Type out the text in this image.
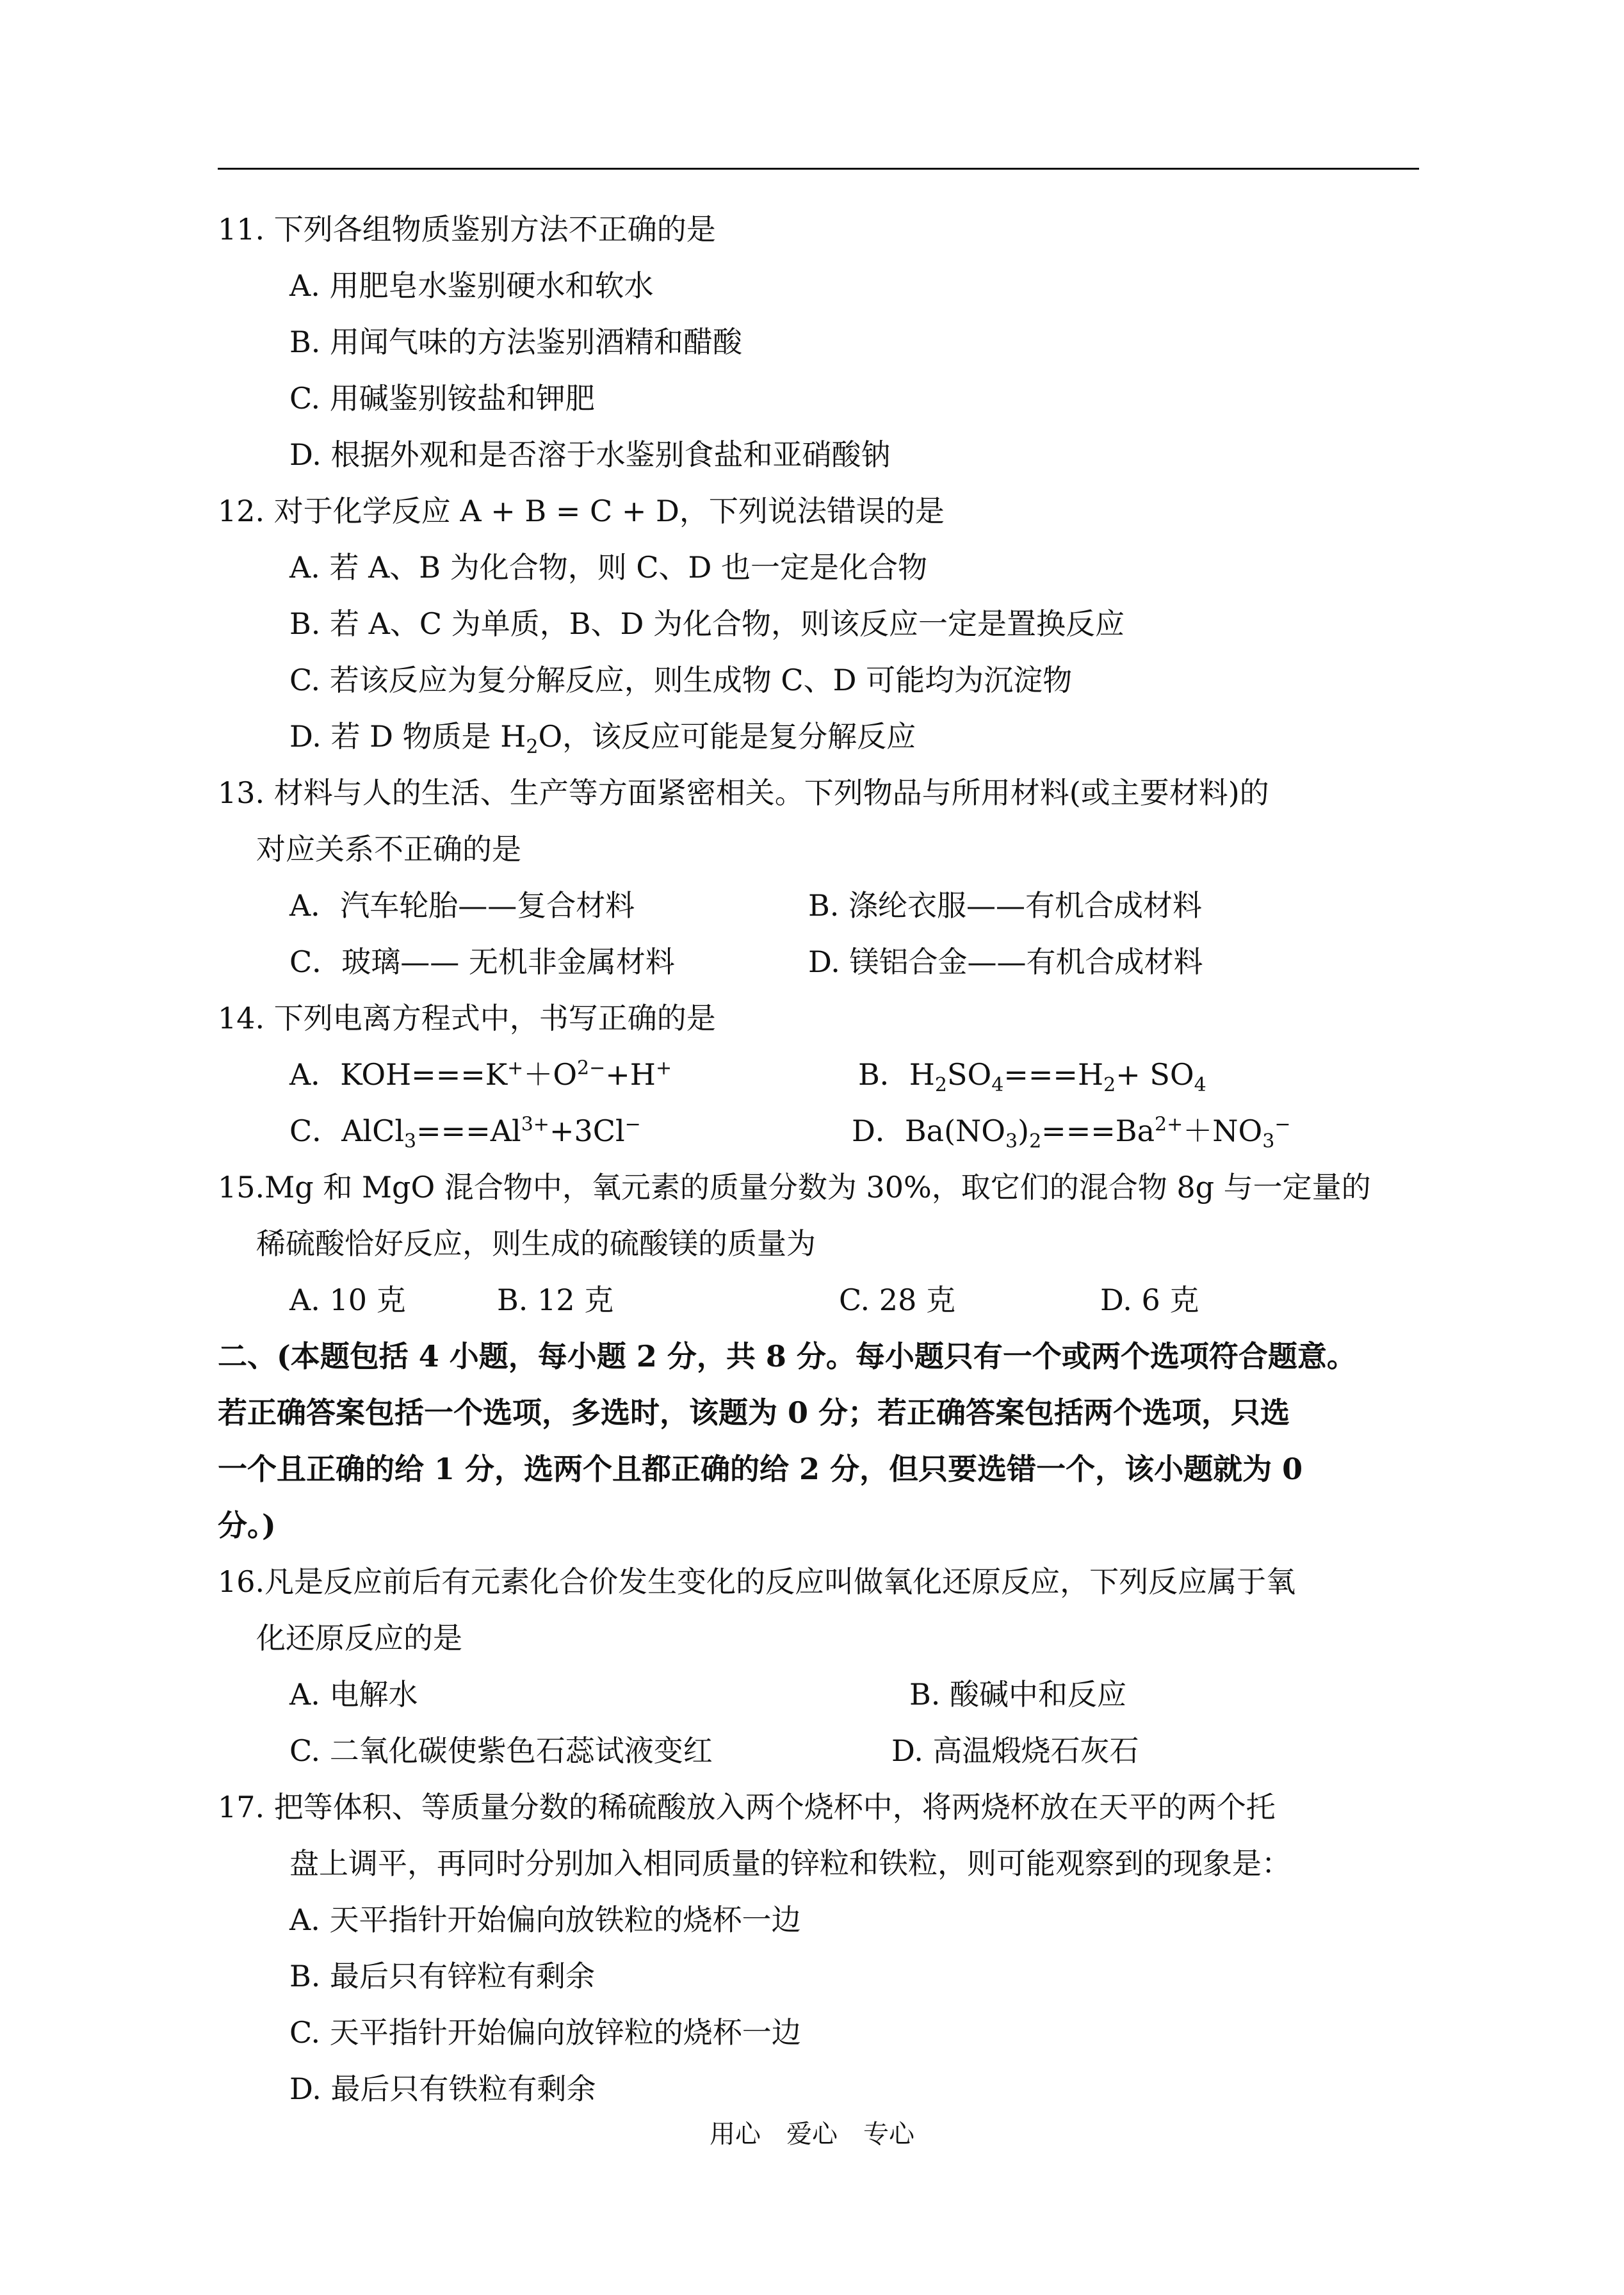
11. 下列各组物质鉴别方法不正确的是
A. 用肥皂水鉴别硬水和软水
B. 用闻气味的方法鉴别酒精和醋酸
C. 用碱鉴别铵盐和钾肥
D. 根据外观和是否溶于水鉴别食盐和亚硝酸钠
12. 对于化学反应 A + B = C + D，下列说法错误的是
A. 若 A、B 为化合物，则 C、D 也一定是化合物
B. 若 A、C 为单质，B、D 为化合物，则该反应一定是置换反应
C. 若该反应为复分解反应，则生成物 C、D 可能均为沉淀物
D. 若 D 物质是 $H_2O$，该反应可能是复分解反应
13. 材料与人的生活、生产等方面紧密相关。下列物品与所用材料(或主要材料)的
对应关系不正确的是
A．汽车轮胎——复合材料	B. 涤纶衣服——有机合成材料
C．玻璃—— 无机非金属材料	D. 镁铝合金——有机合成材料
14. 下列电离方程式中，书写正确的是
A．$KOH===K^++O^{2-}+H^+$	B．$H_2SO_4===H_2+ SO_4$
C．$AlCl_3===Al^{3+}+3Cl^-$	D．$Ba(NO_3)_2===Ba^{2+}+NO_3^-$
15.Mg 和 MgO 混合物中，氧元素的质量分数为 30%，取它们的混合物 8g 与一定量的
稀硫酸恰好反应，则生成的硫酸镁的质量为
A. 10 克	B. 12 克	C. 28 克	D. 6 克
二、(本题包括 4 小题，每小题 2 分，共 8 分。每小题只有一个或两个选项符合题意。
若正确答案包括一个选项，多选时，该题为 0 分；若正确答案包括两个选项，只选
一个且正确的给 1 分，选两个且都正确的给 2 分，但只要选错一个，该小题就为 0
分。)
16.凡是反应前后有元素化合价发生变化的反应叫做氧化还原反应，下列反应属于氧
化还原反应的是
A. 电解水	B. 酸碱中和反应
C. 二氧化碳使紫色石蕊试液变红	D. 高温煅烧石灰石
17. 把等体积、等质量分数的稀硫酸放入两个烧杯中，将两烧杯放在天平的两个托
盘上调平，再同时分别加入相同质量的锌粒和铁粒，则可能观察到的现象是：
A. 天平指针开始偏向放铁粒的烧杯一边
B. 最后只有锌粒有剩余
C. 天平指针开始偏向放锌粒的烧杯一边
D. 最后只有铁粒有剩余
用心　爱心　专心
